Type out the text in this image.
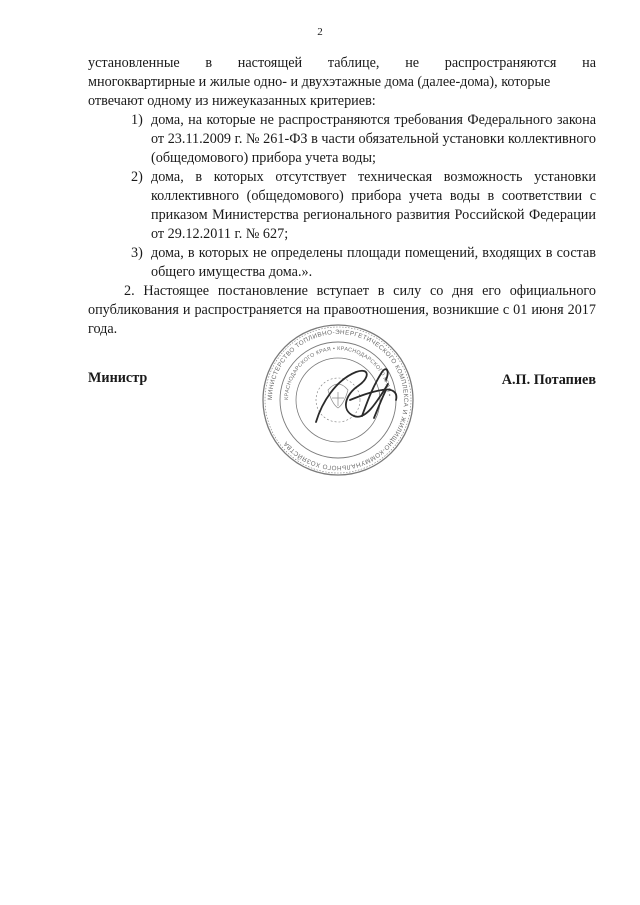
2

установленные в настоящей таблице, не распространяются на
многоквартирные и жилые одно- и двухэтажные дома (далее-дома), которые
отвечают одному из нижеуказанных критериев:

1) дома, на которые не распространяются требования Федерального закона от 23.11.2009 г. № 261-ФЗ в части обязательной установки коллективного (общедомового) прибора учета воды;
2) дома, в которых отсутствует техническая возможность установки коллективного (общедомового) прибора учета воды в соответствии с приказом Министерства регионального развития Российской Федерации от 29.12.2011 г. № 627;
3) дома, в которых не определены площади помещений, входящих в состав общего имущества дома.».

2. Настоящее постановление вступает в силу со дня его официального опубликования и распространяется на правоотношения, возникшие с 01 июня 2017 года.

МИНИСТЕРСТВО ТОПЛИВНО-ЭНЕРГЕТИЧЕСКОГО КОМПЛЕКСА И ЖИЛИЩНО-КОММУНАЛЬНОГО ХОЗЯЙСТВА
КРАСНОДАРСКОГО КРАЯ • КРАСНОДАРСКОГО КРАЯ •
Министр	А.П. Потапиев
